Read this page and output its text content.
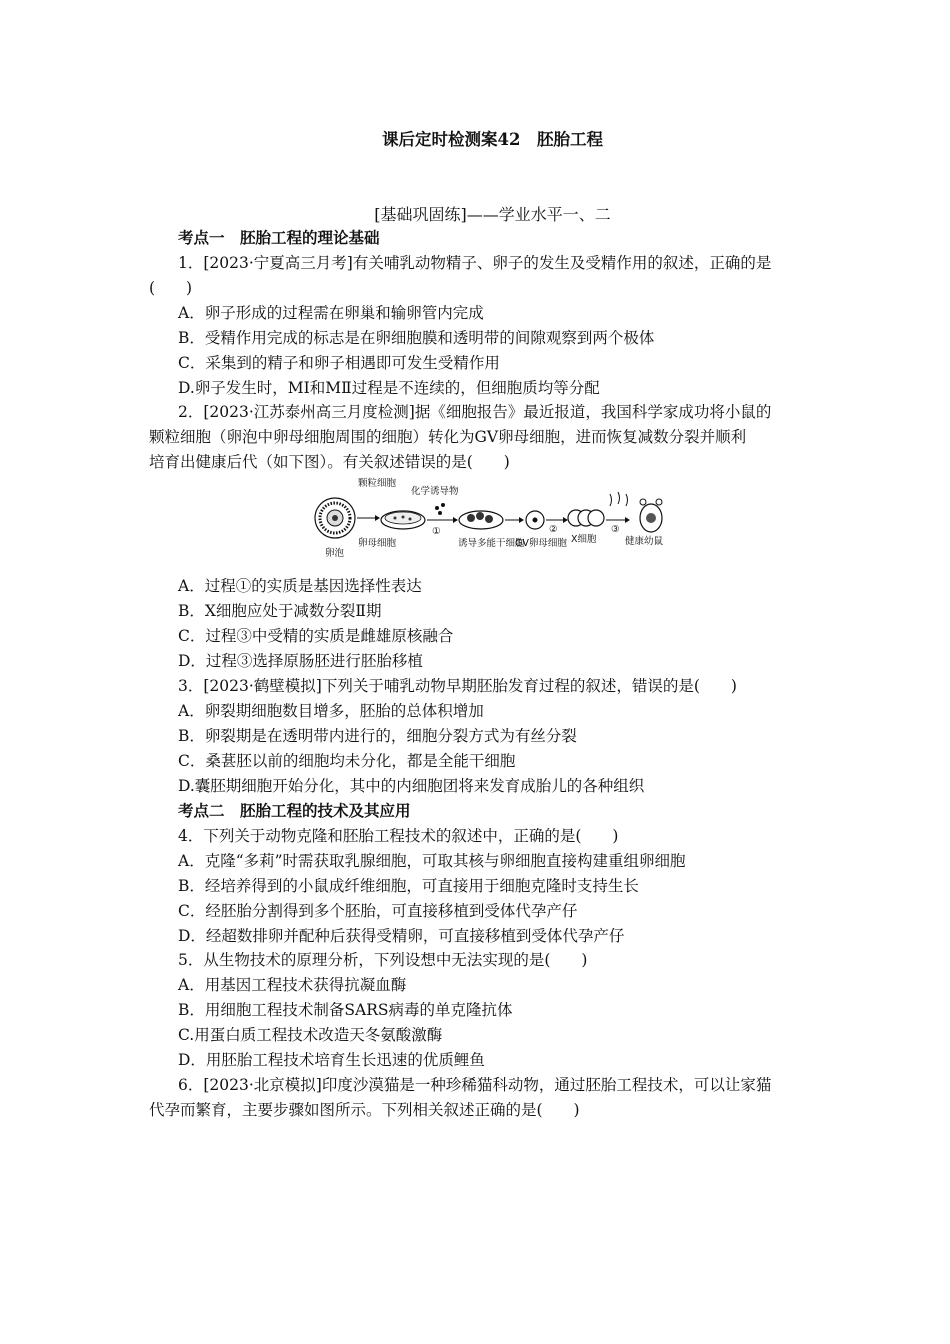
课后定时检测案42　胚胎工程
[基础巩固练]——学业水平一、二
考点一　胚胎工程的理论基础
1．[2023·宁夏高三月考]有关哺乳动物精子、卵子的发生及受精作用的叙述，正确的是
(　　)
A．卵子形成的过程需在卵巢和输卵管内完成
B．受精作用完成的标志是在卵细胞膜和透明带的间隙观察到两个极体
C．采集到的精子和卵子相遇即可发生受精作用
D.卵子发生时，MⅠ和MⅡ过程是不连续的，但细胞质均等分配
2．[2023·江苏泰州高三月度检测]据《细胞报告》最近报道，我国科学家成功将小鼠的
颗粒细胞（卵泡中卵母细胞周围的细胞）转化为GV卵母细胞，进而恢复减数分裂并顺利
培育出健康后代（如下图）。有关叙述错误的是(　　)
卵泡
颗粒细胞
卵母细胞
化学诱导物
①
诱导多能干细胞
GV卵母细胞
②
X细胞
③
健康幼鼠
A．过程①的实质是基因选择性表达
B．X细胞应处于减数分裂Ⅱ期
C．过程③中受精的实质是雌雄原核融合
D．过程③选择原肠胚进行胚胎移植
3．[2023·鹤壁模拟]下列关于哺乳动物早期胚胎发育过程的叙述，错误的是(　　)
A．卵裂期细胞数目增多，胚胎的总体积增加
B．卵裂期是在透明带内进行的，细胞分裂方式为有丝分裂
C．桑葚胚以前的细胞均未分化，都是全能干细胞
D.囊胚期细胞开始分化，其中的内细胞团将来发育成胎儿的各种组织
考点二　胚胎工程的技术及其应用
4．下列关于动物克隆和胚胎工程技术的叙述中，正确的是(　　)
A．克隆“多莉”时需获取乳腺细胞，可取其核与卵细胞直接构建重组卵细胞
B．经培养得到的小鼠成纤维细胞，可直接用于细胞克隆时支持生长
C．经胚胎分割得到多个胚胎，可直接移植到受体代孕产仔
D．经超数排卵并配种后获得受精卵，可直接移植到受体代孕产仔
5．从生物技术的原理分析，下列设想中无法实现的是(　　)
A．用基因工程技术获得抗凝血酶
B．用细胞工程技术制备SARS病毒的单克隆抗体
C.用蛋白质工程技术改造天冬氨酸激酶
D．用胚胎工程技术培育生长迅速的优质鲤鱼
6．[2023·北京模拟]印度沙漠猫是一种珍稀猫科动物，通过胚胎工程技术，可以让家猫
代孕而繁育，主要步骤如图所示。下列相关叙述正确的是(　　)
